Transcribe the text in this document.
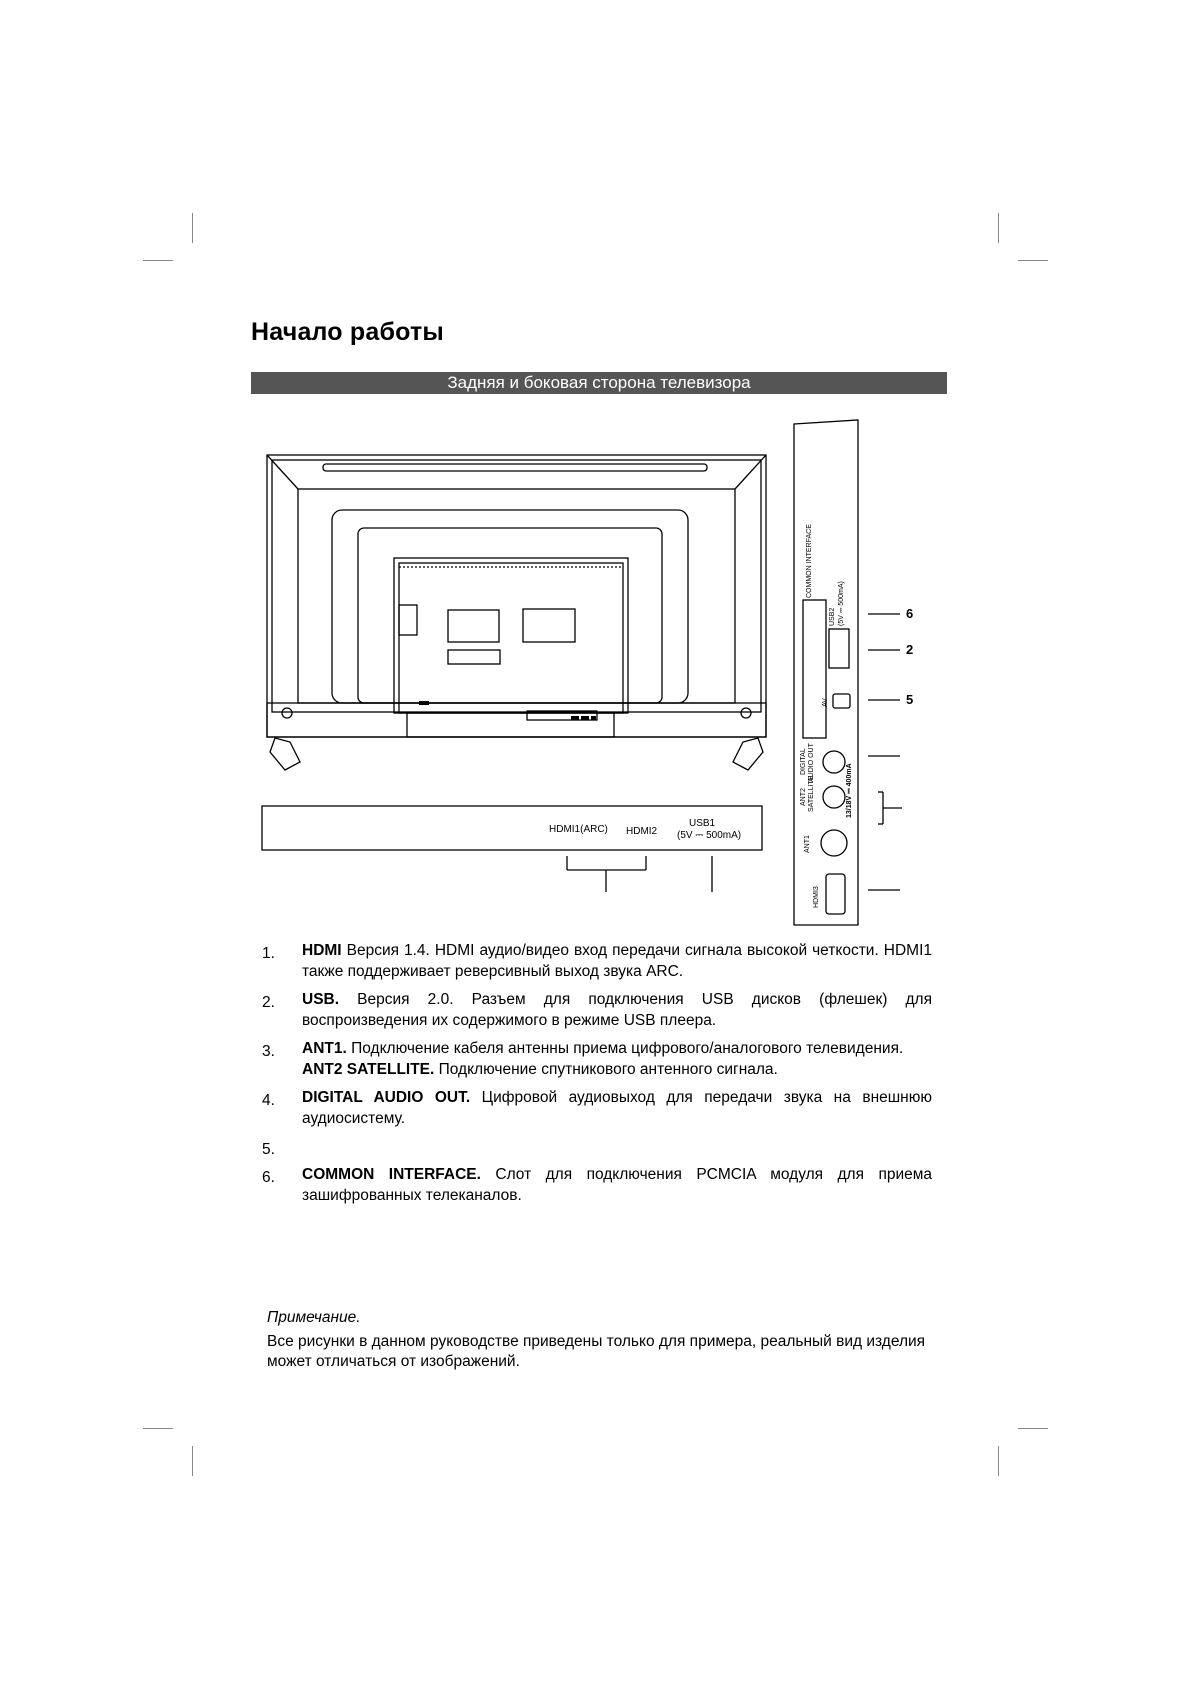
Начало работы
Задняя и боковая сторона телевизора
HDMI1(ARC) HDMI2
USB1
(5V ⎓ 500mA)
COMMON INTERFACE
USB2 (5V ⎓ 500mA)
AV
DIGITAL AUDIO OUT
ANT2 SATELLITE	13/18V ⎓ 400mA
ANT1
HDMI3
6
2
5
1. HDMI Версия 1.4. HDMI аудио/видео вход передачи сигнала высокой четкости. HDMI1 также поддерживает реверсивный выход звука ARC.
2. USB. Версия 2.0. Разъем для подключения USB дисков (флешек) для воспроизведения их содержимого в режиме USB плеера.
3. ANT1. Подключение кабеля антенны приема цифрового/аналогового телевидения.
ANT2 SATELLITE. Подключение спутникового антенного сигнала.
4. DIGITAL AUDIO OUT. Цифровой аудиовыход для передачи звука на внешнюю аудиосистему.
5.

6. COMMON INTERFACE. Слот для подключения PCMCIA модуля для приема зашифрованных телеканалов.
Примечание.
Все рисунки в данном руководстве приведены только для примера, реальный вид изделия может отличаться от изображений.
